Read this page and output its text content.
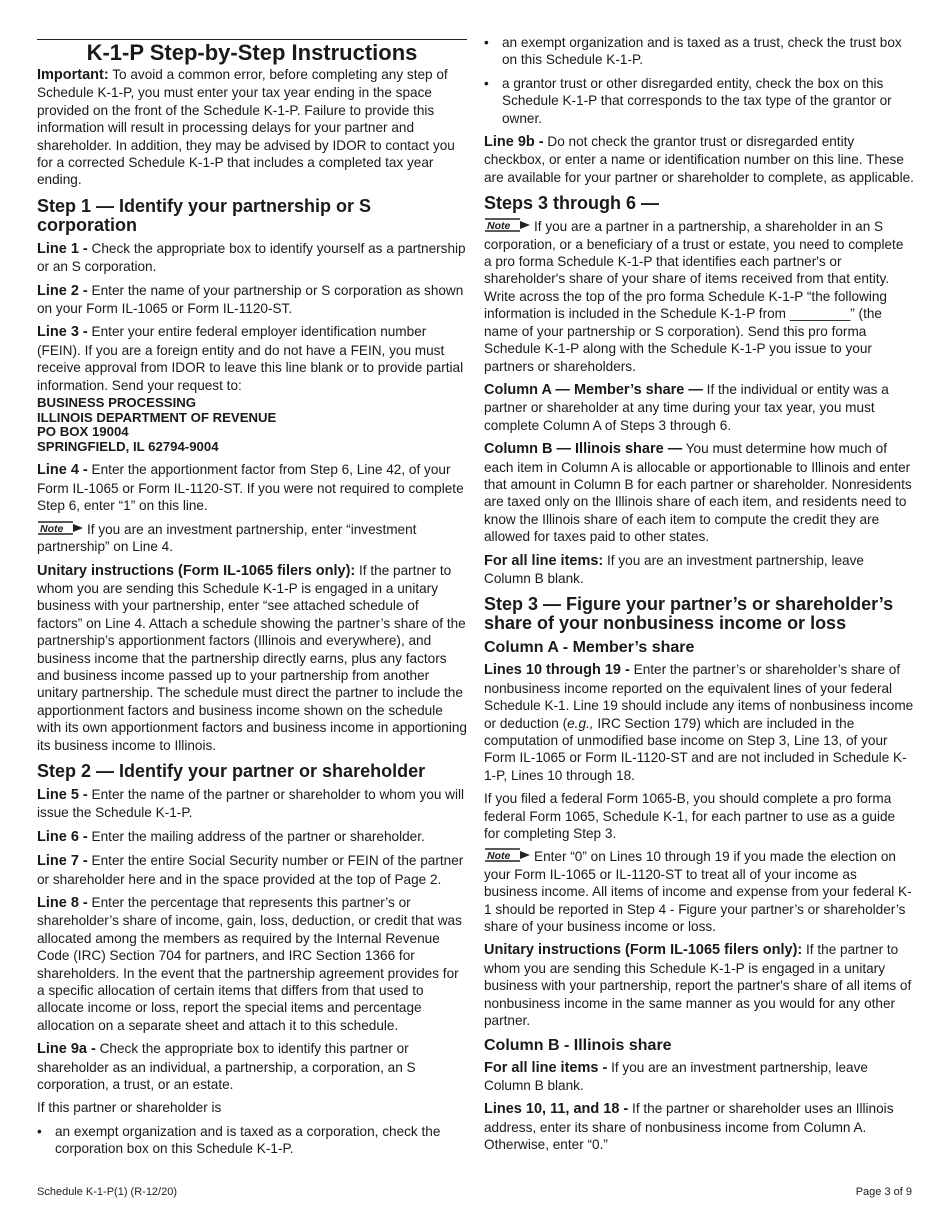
K-1-P Step-by-Step Instructions

Important: To avoid a common error, before completing any step of Schedule K-1-P, you must enter your tax year ending in the space provided on the front of the Schedule K-1-P. Failure to provide this information will result in processing delays for your partner and shareholder. In addition, they may be advised by IDOR to contact you for a corrected Schedule K-1-P that includes a completed tax year ending.

Step 1 — Identify your partnership or S corporation

Line 1 - Check the appropriate box to identify yourself as a partnership or an S corporation.

Line 2 - Enter the name of your partnership or S corporation as shown on your Form IL-1065 or Form IL-1120-ST.

Line 3 - Enter your entire federal employer identification number (FEIN). If you are a foreign entity and do not have a FEIN, you must receive approval from IDOR to leave this line blank or to provide partial information. Send your request to:

BUSINESS PROCESSING
ILLINOIS DEPARTMENT OF REVENUE
PO BOX 19004
SPRINGFIELD, IL 62794-9004

Line 4 - Enter the apportionment factor from Step 6, Line 42, of your Form IL-1065 or Form IL-1120-ST. If you were not required to complete Step 6, enter “1” on this line.

Note If you are an investment partnership, enter “investment partnership” on Line 4.

Unitary instructions (Form IL-1065 filers only): If the partner to whom you are sending this Schedule K-1-P is engaged in a unitary business with your partnership, enter “see attached schedule of factors” on Line 4. Attach a schedule showing the partner’s share of the partnership’s apportionment factors (Illinois and everywhere), and business income that the partnership directly earns, plus any factors and business income passed up to your partnership from another unitary partnership. The schedule must direct the partner to include the apportionment factors and business income shown on the schedule with its own apportionment factors and business income in apportioning its business income to Illinois.

Step 2 — Identify your partner or shareholder

Line 5 - Enter the name of the partner or shareholder to whom you will issue the Schedule K-1-P.

Line 6 - Enter the mailing address of the partner or shareholder.

Line 7 - Enter the entire Social Security number or FEIN of the partner or shareholder here and in the space provided at the top of Page 2.

Line 8 - Enter the percentage that represents this partner’s or shareholder’s share of income, gain, loss, deduction, or credit that was allocated among the members as required by the Internal Revenue Code (IRC) Section 704 for partners, and IRC Section 1366 for shareholders. In the event that the partnership agreement provides for a specific allocation of certain items that differs from that used to allocate income or loss, report the special items and percentage allocation on a separate sheet and attach it to this schedule.

Line 9a - Check the appropriate box to identify this partner or shareholder as an individual, a partnership, a corporation, an S corporation, a trust, or an estate.

If this partner or shareholder is

• an exempt organization and is taxed as a corporation, check the corporation box on this Schedule K-1-P.
• an exempt organization and is taxed as a trust, check the trust box on this Schedule K-1-P.
• a grantor trust or other disregarded entity, check the box on this Schedule K-1-P that corresponds to the tax type of the grantor or owner.

Line 9b - Do not check the grantor trust or disregarded entity checkbox, or enter a name or identification number on this line. These are available for your partner or shareholder to complete, as applicable.

Steps 3 through 6 —

Note If you are a partner in a partnership, a shareholder in an S corporation, or a beneficiary of a trust or estate, you need to complete a pro forma Schedule K-1-P that identifies each partner's or shareholder's share of your share of items received from that entity. Write across the top of the pro forma Schedule K-1-P “the following information is included in the Schedule K-1-P from ________” (the name of your partnership or S corporation). Send this pro forma Schedule K-1-P along with the Schedule K-1-P you issue to your partners or shareholders.

Column A — Member’s share — If the individual or entity was a partner or shareholder at any time during your tax year, you must complete Column A of Steps 3 through 6.

Column B — Illinois share — You must determine how much of each item in Column A is allocable or apportionable to Illinois and enter that amount in Column B for each partner or shareholder. Nonresidents are taxed only on the Illinois share of each item, and residents need to know the Illinois share of each item to compute the credit they are allowed for taxes paid to other states.

For all line items: If you are an investment partnership, leave Column B blank.

Step 3 — Figure your partner’s or shareholder’s share of your nonbusiness income or loss
Column A - Member’s share

Lines 10 through 19 - Enter the partner’s or shareholder’s share of nonbusiness income reported on the equivalent lines of your federal Schedule K-1. Line 19 should include any items of nonbusiness income or deduction (e.g., IRC Section 179) which are included in the computation of unmodified base income on Step 3, Line 13, of your Form IL-1065 or Form IL-1120-ST and are not included in Schedule K-1-P, Lines 10 through 18.

If you filed a federal Form 1065-B, you should complete a pro forma federal Form 1065, Schedule K-1, for each partner to use as a guide for completing Step 3.

Note Enter “0” on Lines 10 through 19 if you made the election on your Form IL-1065 or IL-1120-ST to treat all of your income as business income. All items of income and expense from your federal K-1 should be reported in Step 4 - Figure your partner’s or shareholder’s share of your business income or loss.

Unitary instructions (Form IL-1065 filers only): If the partner to whom you are sending this Schedule K-1-P is engaged in a unitary business with your partnership, report the partner's share of all items of nonbusiness income in the same manner as you would for any other partner.

Column B - Illinois share

For all line items - If you are an investment partnership, leave Column B blank.

Lines 10, 11, and 18 - If the partner or shareholder uses an Illinois address, enter its share of nonbusiness income from Column A. Otherwise, enter “0.”

Schedule K-1-P(1) (R-12/20)	Page 3 of 9
